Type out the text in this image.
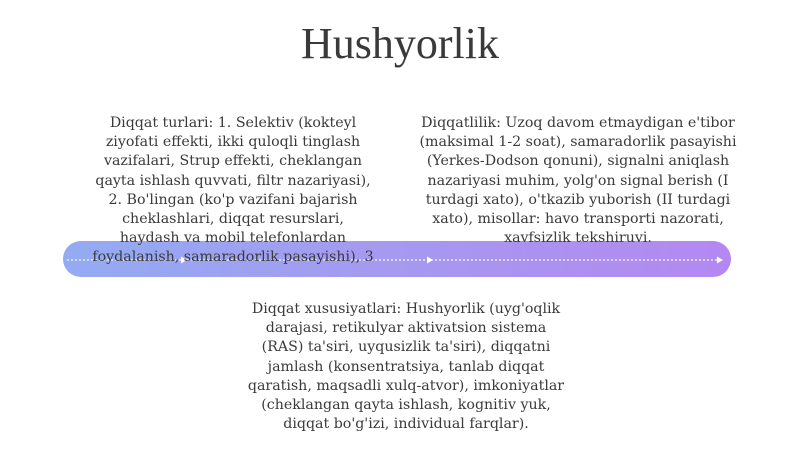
Hushyorlik

Diqqat turlari: 1. Selektiv (kokteyl ziyofati effekti, ikki quloqli tinglash vazifalari, Strup effekti, cheklangan qayta ishlash quvvati, filtr nazariyasi), 2. Bo'lingan (ko'p vazifani bajarish cheklashlari, diqqat resurslari, haydash va mobil telefonlardan foydalanish, samaradorlik pasayishi), 3

Diqqatlilik: Uzoq davom etmaydigan e'tibor (maksimal 1-2 soat), samaradorlik pasayishi (Yerkes-Dodson qonuni), signalni aniqlash nazariyasi muhim, yolg'on signal berish (I turdagi xato), o'tkazib yuborish (II turdagi xato), misollar: havo transporti nazorati, xavfsizlik tekshiruvi.

Diqqat xususiyatlari: Hushyorlik (uyg'oqlik darajasi, retikulyar aktivatsion sistema (RAS) ta'siri, uyqusizlik ta'siri), diqqatni jamlash (konsentratsiya, tanlab diqqat qaratish, maqsadli xulq-atvor), imkoniyatlar (cheklangan qayta ishlash, kognitiv yuk, diqqat bo'g'izi, individual farqlar).
